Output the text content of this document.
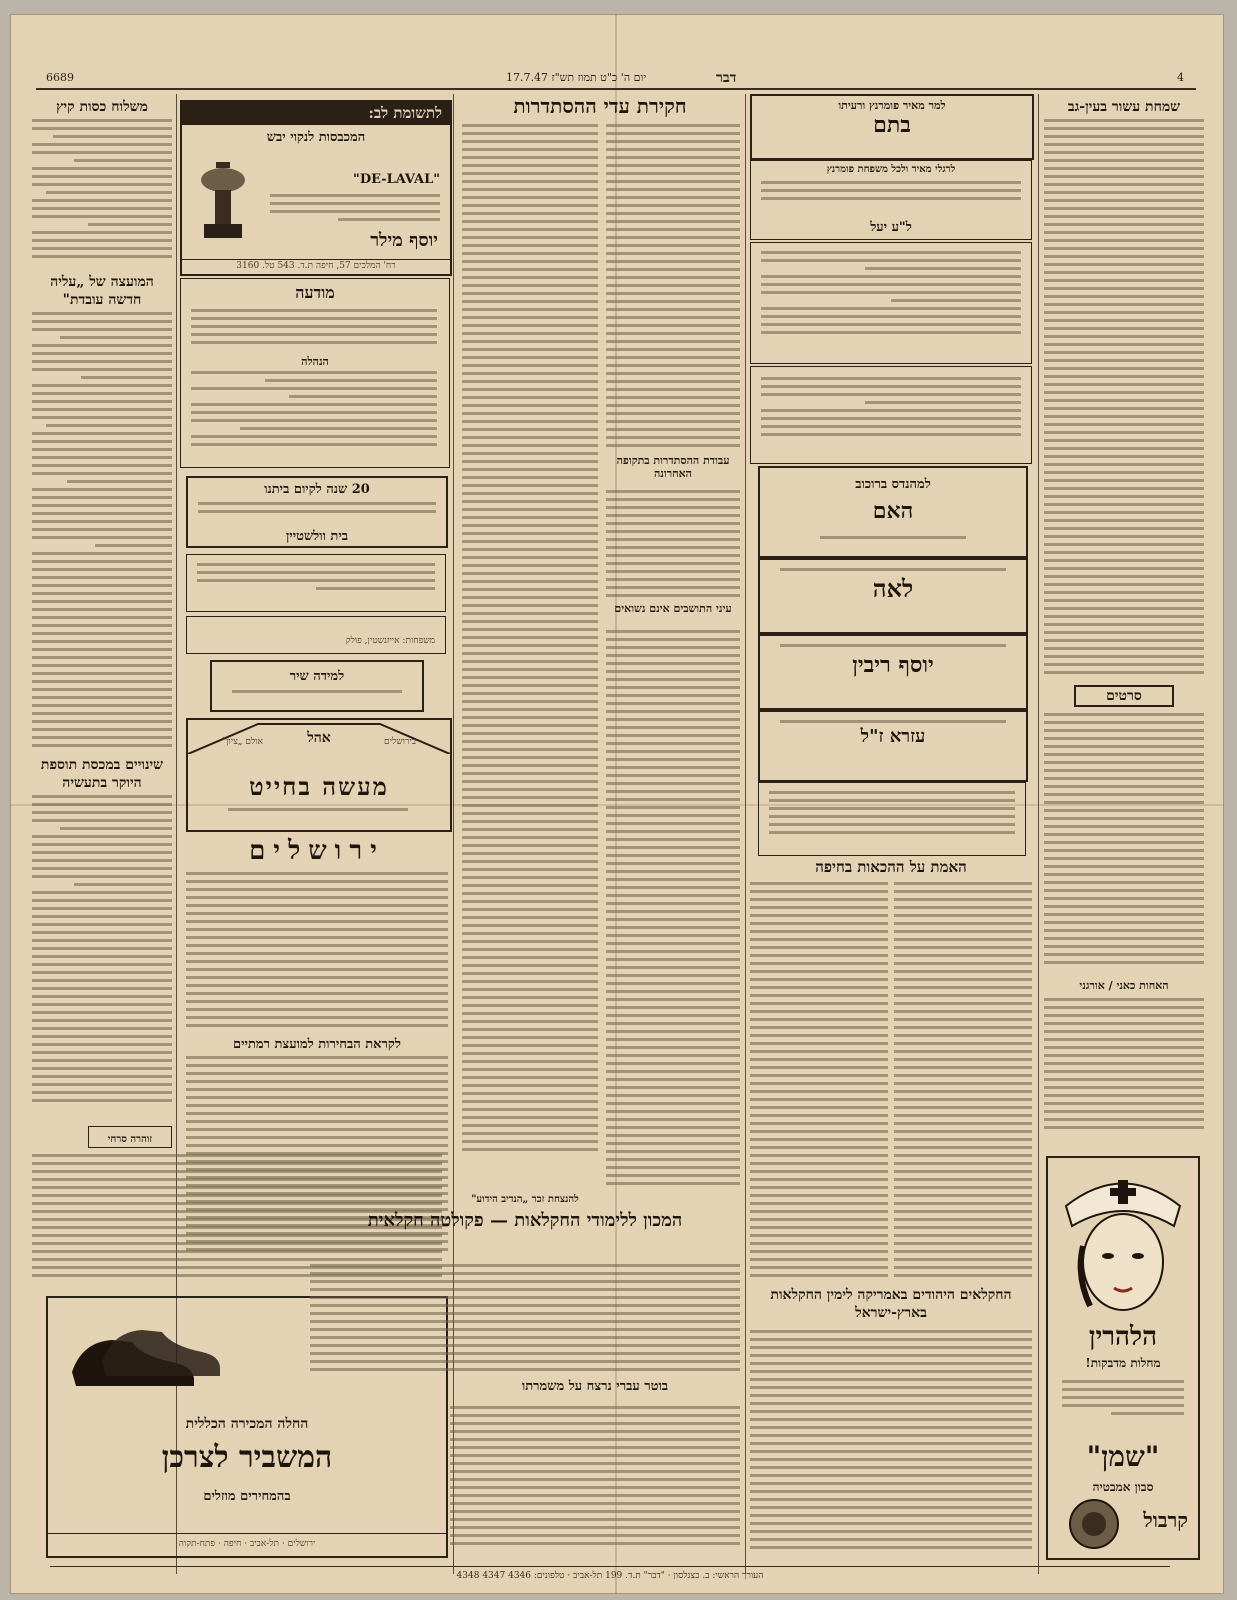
6689	יום ה' כ"ט תמוז תש"ז 17.7.47	דבר	4
משלוח כסות קיץ
המועצה של „עליה חדשה עובדת"
שינויים במכסת תוספת היוקר בתעשיה
זוהרה סרחי
לתשומת לב:
המכבסות לנקוי יבש
"DE-LAVAL"
יוסף מילר
רח' המלכים 57, חיפה ת.ד. 543 טל. 3160
מודעה
הנהלה
20 שנה לקיום ביתנו
בית וולשטיין
משפחות: אייזנשטין, פולק
למידה שיר
אהל
אולם „ציון"	בירושלים
מעשה בחייט
ירושלים
לקראת הבחירות למועצת רמתיים
החלה המכירה הכללית
המשביר לצרכן
בהמחירים מוזלים
ירושלים · תל-אביב · חיפה · פתח-תקוה
חקירת עדי ההסתדרות
עבודת ההסתדרות בתקופה האחרונה
עיני התושבים אינם נשואים
להנצחת זכר „הנדיב הידוע"
המכון ללימודי החקלאות — פקולטה חקלאית
בוטר עברי נרצח על משמרתו
למר מאיר פומרנץ ורעיתו
בתם
לרגלי מאיר ולכל משפחת פומרנץ
ל"ע יעל
למהנדס ברוכוב
האם
לאה
יוסף ריבין
עזרא ז"ל
האמת על ההכאות בחיפה
החקלאים היהודים באמריקה לימין החקלאות בארץ-ישראל
שמחת עשור בעין-גב
סרטים
האחות כאני / אורגני
הלהרין
מחלות מדבקות!
"שמן"
סבון אמבטיה
קרבול
העורך הראשי: ב. כצנלסון · "דבר" ת.ד. 199 תל-אביב · טלפונים: 4346 4347 4348
